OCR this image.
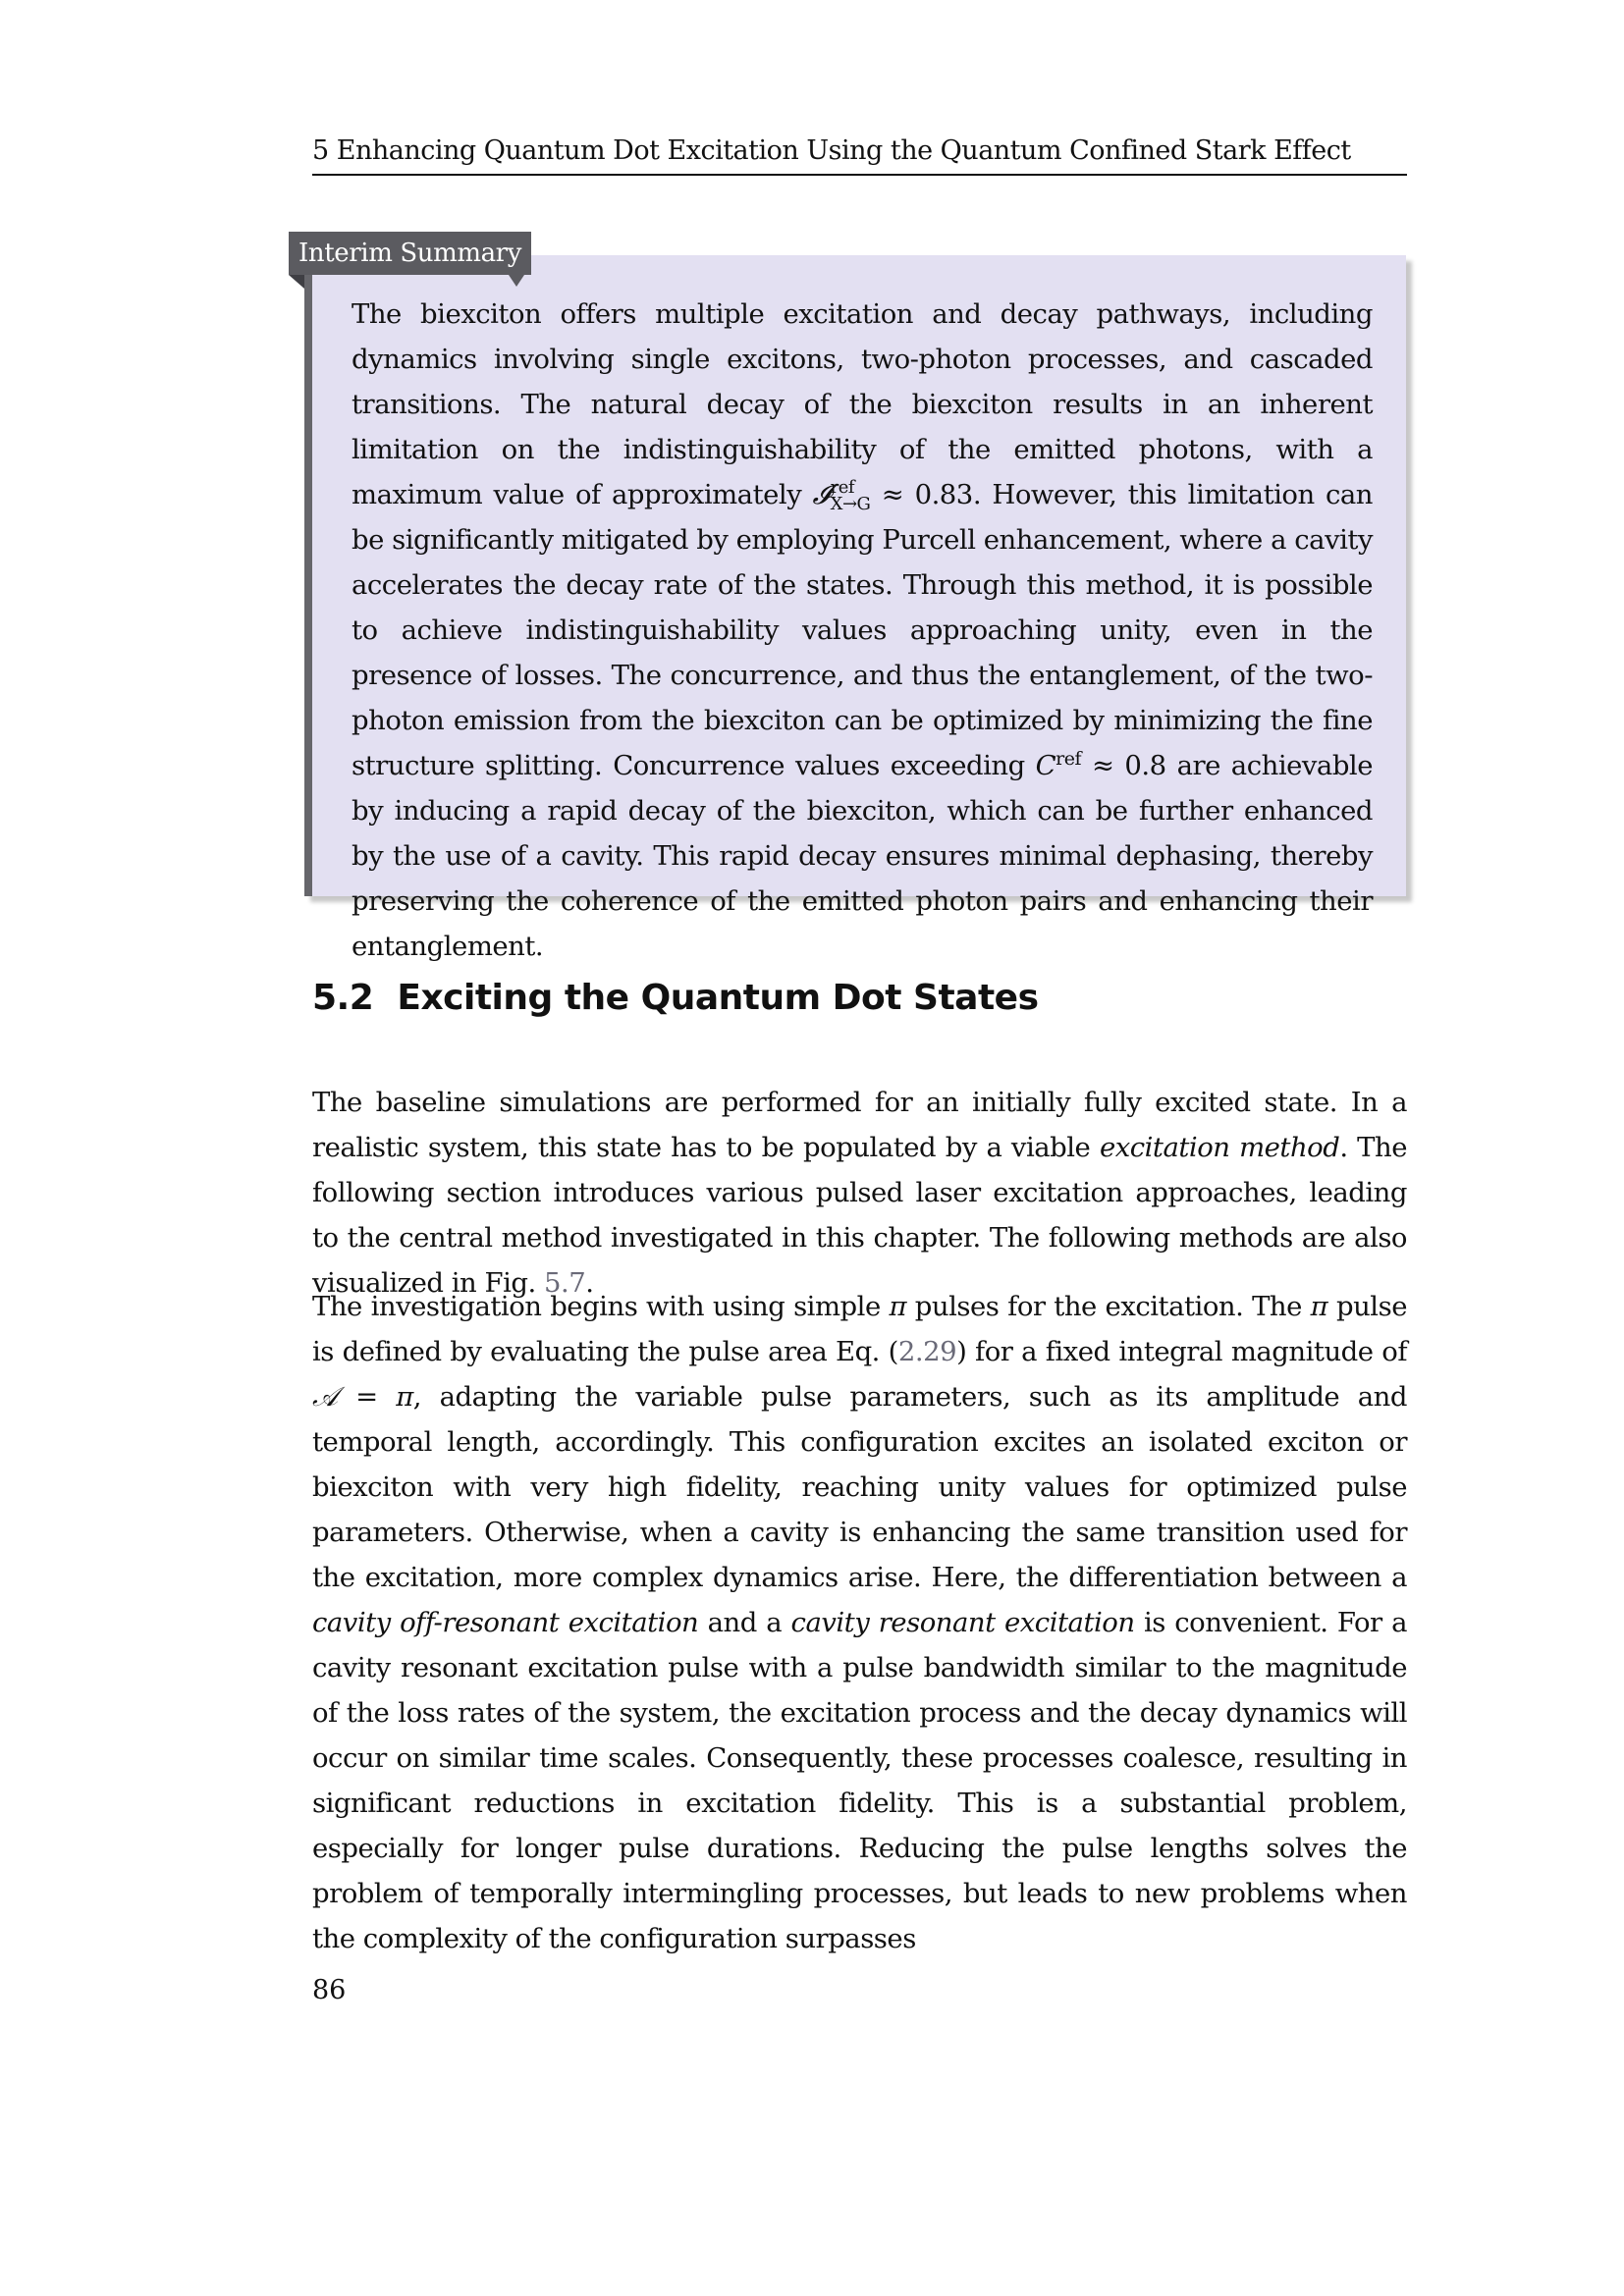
5 Enhancing Quantum Dot Excitation Using the Quantum Confined Stark Effect
Interim Summary

The biexciton offers multiple excitation and decay pathways, including dynamics involving single excitons, two-photon processes, and cascaded transitions. The natural decay of the biexciton results in an inherent limitation on the indistinguishability of the emitted photons, with a maximum value of approximately 𝓘 ref
X→G ≈ 0.83. However, this limitation can be significantly mitigated by employing Purcell enhancement, where a cavity accelerates the decay rate of the states. Through this method, it is possible to achieve indistinguishability values approaching unity, even in the presence of losses. The concurrence, and thus the entanglement, of the two-photon emission from the biexciton can be optimized by minimizing the fine structure splitting. Concurrence values exceeding $C^{ref} \approx 0.8$ are achievable by inducing a rapid decay of the biexciton, which can be further enhanced by the use of a cavity. This rapid decay ensures minimal dephasing, thereby preserving the coherence of the emitted photon pairs and enhancing their entanglement.

5.2 Exciting the Quantum Dot States

The baseline simulations are performed for an initially fully excited state. In a realistic system, this state has to be populated by a viable excitation method. The following section introduces various pulsed laser excitation approaches, leading to the central method investigated in this chapter. The following methods are also visualized in Fig. 5.7.

The investigation begins with using simple π pulses for the excitation. The π pulse is defined by evaluating the pulse area Eq. (2.29) for a fixed integral magnitude of 𝒜 = π, adapting the variable pulse parameters, such as its amplitude and temporal length, accordingly. This configuration excites an isolated exciton or biexciton with very high fidelity, reaching unity values for optimized pulse parameters. Otherwise, when a cavity is enhancing the same transition used for the excitation, more complex dynamics arise. Here, the differentiation between a cavity off-resonant excitation and a cavity resonant excitation is convenient. For a cavity resonant excitation pulse with a pulse bandwidth similar to the magnitude of the loss rates of the system, the excitation process and the decay dynamics will occur on similar time scales. Consequently, these processes coalesce, resulting in significant reductions in excitation fidelity. This is a substantial problem, especially for longer pulse durations. Reducing the pulse lengths solves the problem of temporally intermingling processes, but leads to new problems when the complexity of the configuration surpasses

86
